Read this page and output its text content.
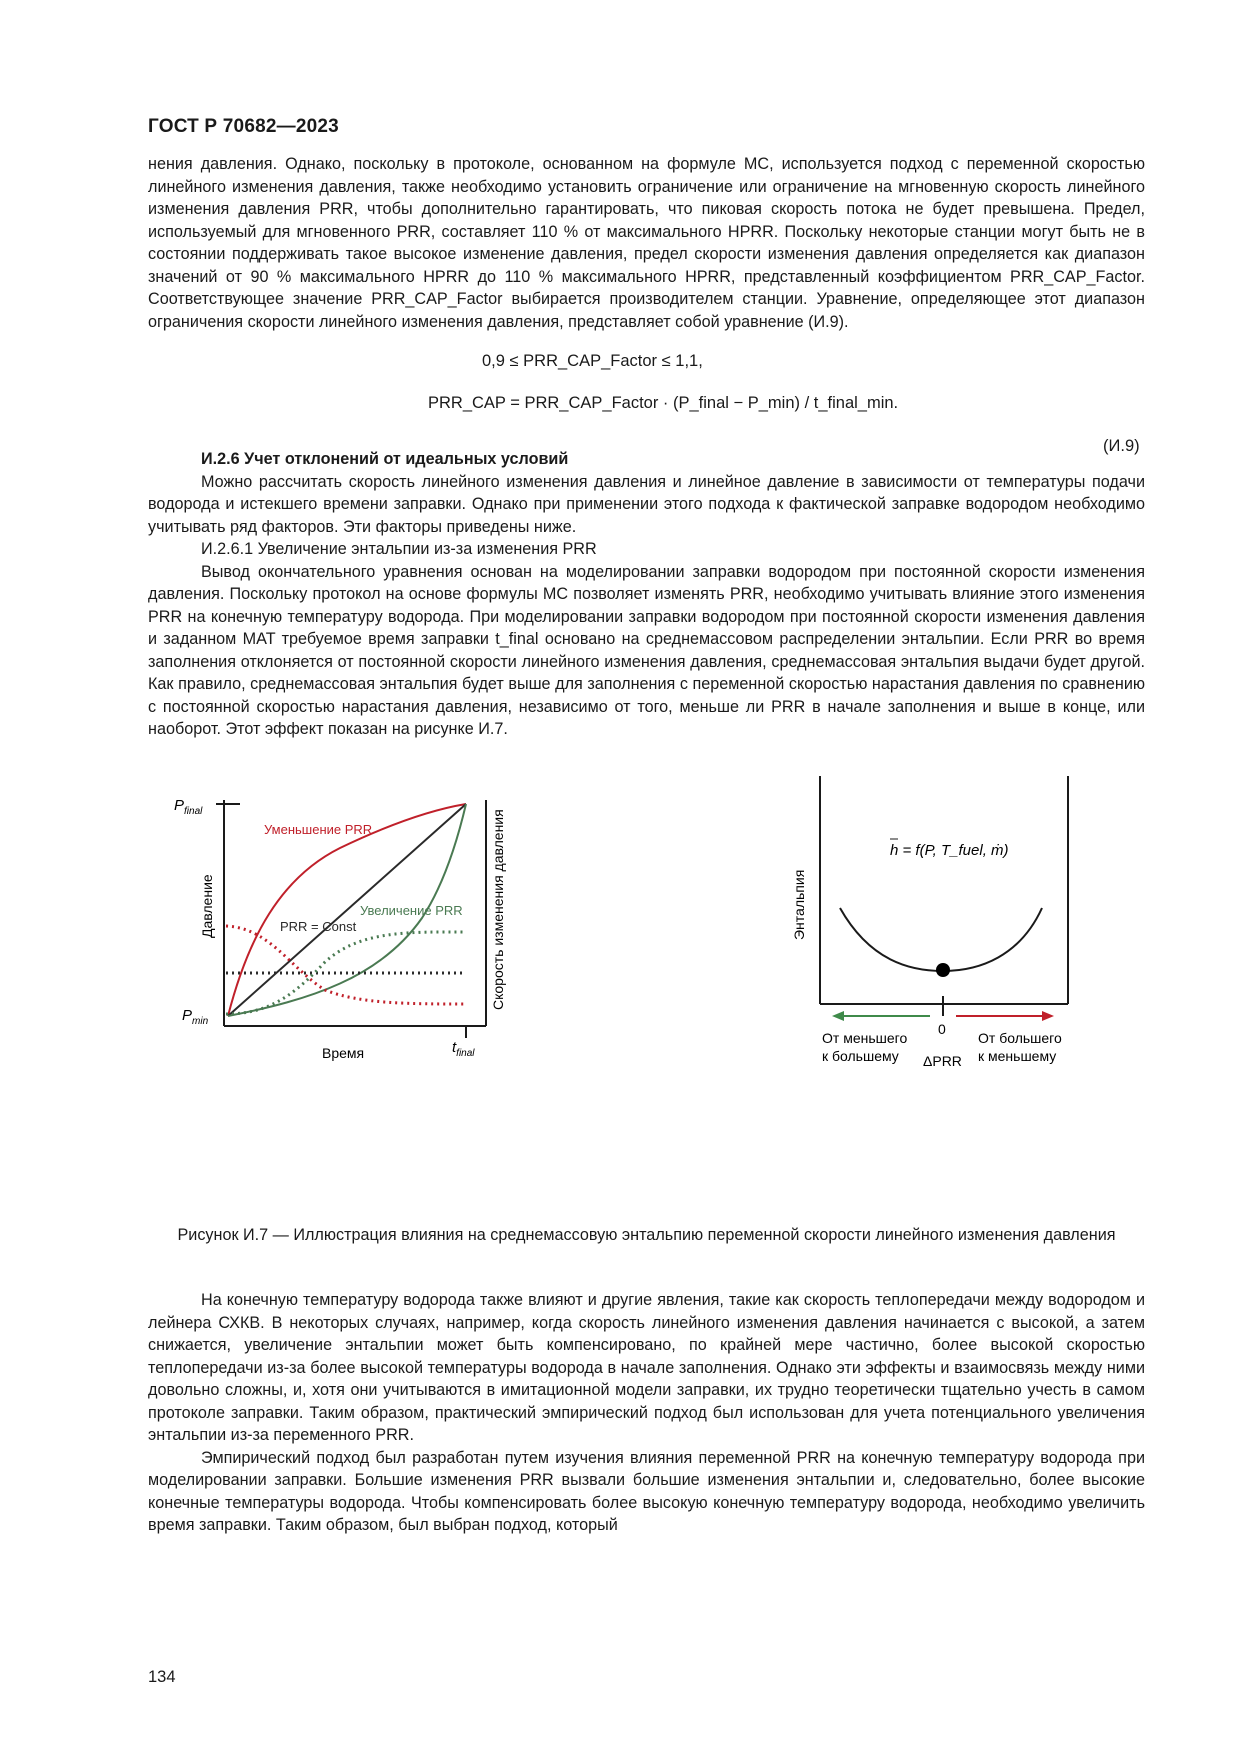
ГОСТ Р 70682—2023

нения давления. Однако, поскольку в протоколе, основанном на формуле МС, используется подход с переменной скоростью линейного изменения давления, также необходимо установить ограничение или ограничение на мгновенную скорость линейного изменения давления PRR, чтобы дополнительно гарантировать, что пиковая скорость потока не будет превышена. Предел, используемый для мгновенного PRR, составляет 110 % от максимального HPRR. Поскольку некоторые станции могут быть не в состоянии поддерживать такое высокое изменение давления, предел скорости изменения давления определяется как диапазон значений от 90 % максимального HPRR до 110 % максимального HPRR, представленный коэффициентом PRR_CAP_Factor. Соответствующее значение PRR_CAP_Factor выбирается производителем станции. Уравнение, определяющее этот диапазон ограничения скорости линейного изменения давления, представляет собой уравнение (И.9).

0,9 ≤ PRR_CAP_Factor ≤ 1,1,
PRR_CAP = PRR_CAP_Factor · (P_final − P_min) / t_final_min.
(И.9)

И.2.6 Учет отклонений от идеальных условий

Можно рассчитать скорость линейного изменения давления и линейное давление в зависимости от температуры подачи водорода и истекшего времени заправки. Однако при применении этого подхода к фактической заправке водородом необходимо учитывать ряд факторов. Эти факторы приведены ниже.

И.2.6.1 Увеличение энтальпии из-за изменения PRR

Вывод окончательного уравнения основан на моделировании заправки водородом при постоянной скорости изменения давления. Поскольку протокол на основе формулы МС позволяет изменять PRR, необходимо учитывать влияние этого изменения PRR на конечную температуру водорода. При моделировании заправки водородом при постоянной скорости изменения давления и заданном MAT требуемое время заправки t_final основано на среднемассовом распределении энтальпии. Если PRR во время заполнения отклоняется от постоянной скорости линейного изменения давления, среднемассовая энтальпия выдачи будет другой. Как правило, среднемассовая энтальпия будет выше для заполнения с переменной скоростью нарастания давления по сравнению с постоянной скоростью нарастания давления, независимо от того, меньше ли PRR в начале заполнения и выше в конце, или наоборот. Этот эффект показан на рисунке И.7.

$P_{final}$
$P_{min}$
$t_{final}$
Время
Давление	Скорость изменения давления
Уменьшение PRR
Увеличение PRR
PRR = Const
h = f(P, T_fuel, ṁ)
Энтальпия
0
От меньшего
к большему
От большего
к меньшему
ΔPRR
Рисунок И.7 — Иллюстрация влияния на среднемассовую энтальпию переменной скорости линейного изменения давления

На конечную температуру водорода также влияют и другие явления, такие как скорость теплопередачи между водородом и лейнера СХКВ. В некоторых случаях, например, когда скорость линейного изменения давления начинается с высокой, а затем снижается, увеличение энтальпии может быть компенсировано, по крайней мере частично, более высокой скоростью теплопередачи из-за более высокой температуры водорода в начале заполнения. Однако эти эффекты и взаимосвязь между ними довольно сложны, и, хотя они учитываются в имитационной модели заправки, их трудно теоретически тщательно учесть в самом протоколе заправки. Таким образом, практический эмпирический подход был использован для учета потенциального увеличения энтальпии из-за переменного PRR.

Эмпирический подход был разработан путем изучения влияния переменной PRR на конечную температуру водорода при моделировании заправки. Большие изменения PRR вызвали большие изменения энтальпии и, следовательно, более высокие конечные температуры водорода. Чтобы компенсировать более высокую конечную температуру водорода, необходимо увеличить время заправки. Таким образом, был выбран подход, который

134
